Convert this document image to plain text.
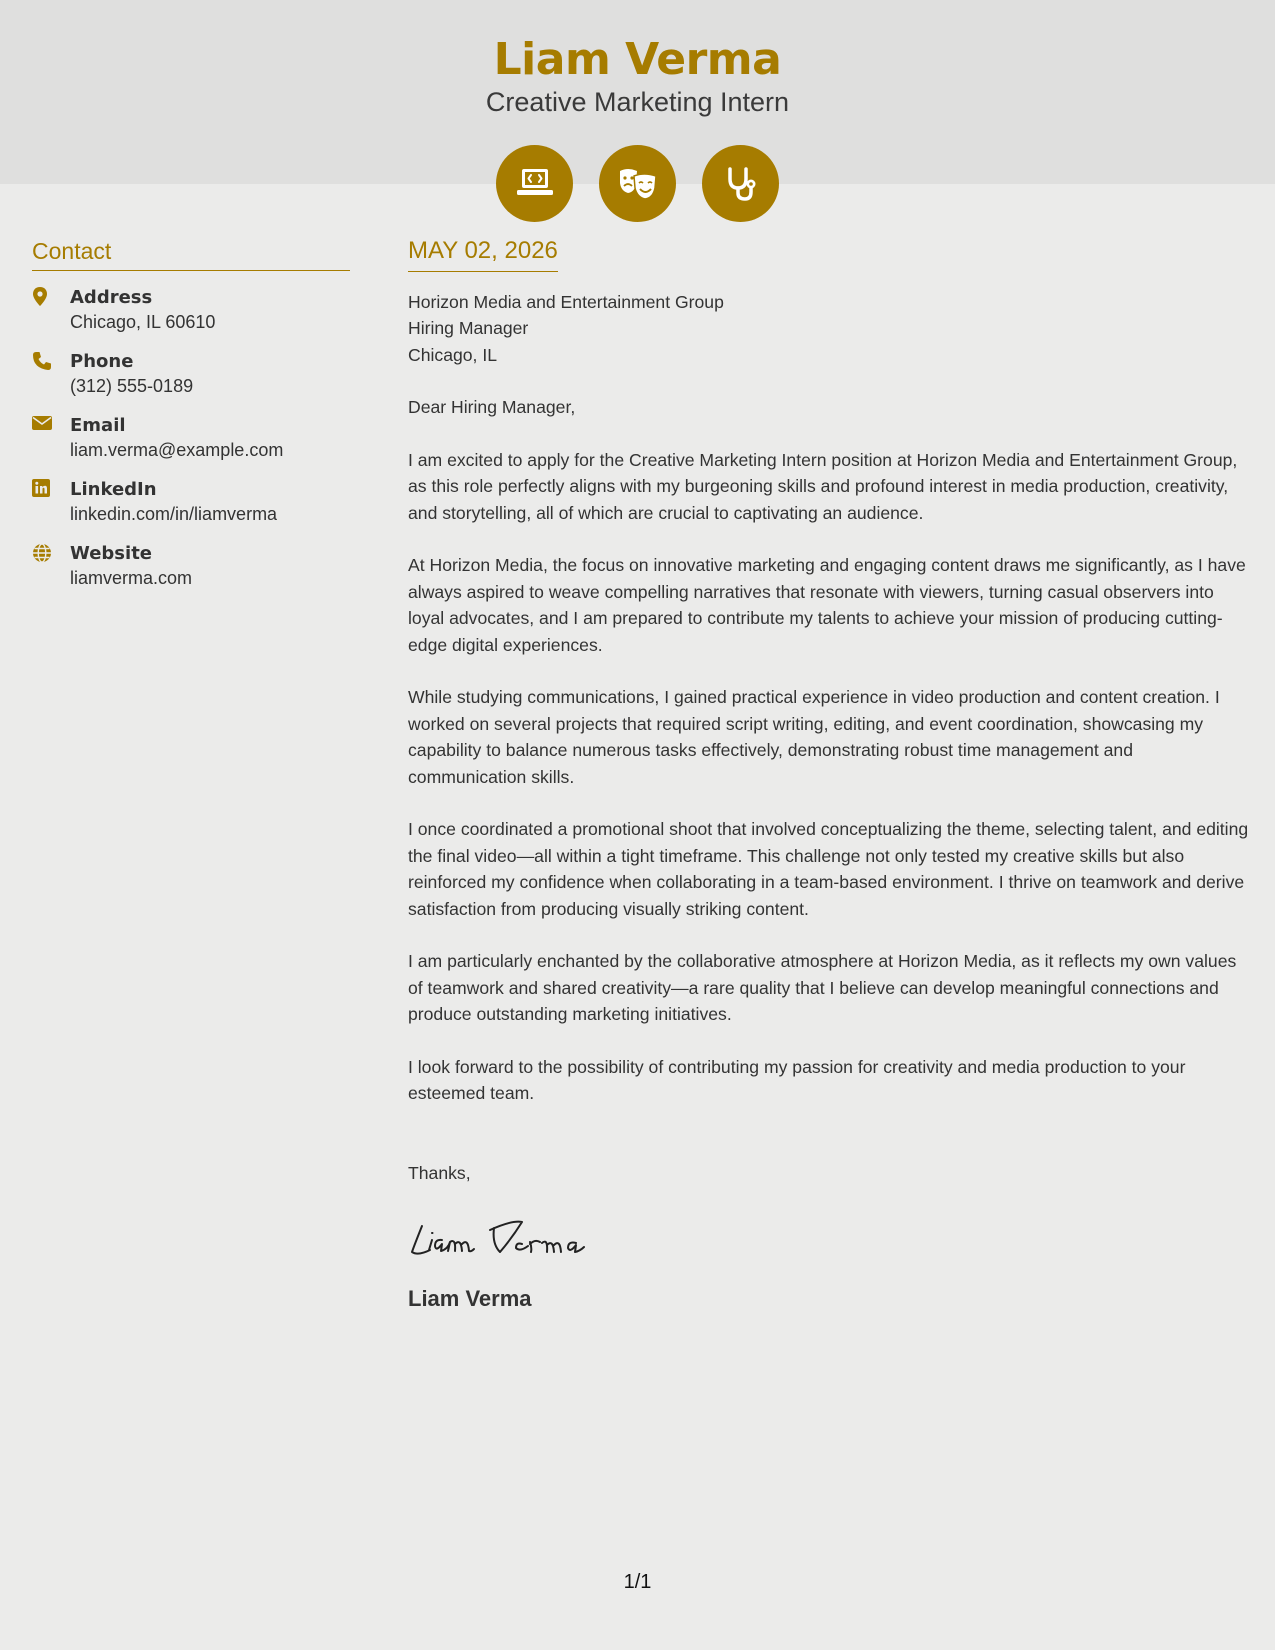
Liam Verma
Creative Marketing Intern
Contact
Address
Chicago, IL 60610
Phone
(312) 555-0189
Email
liam.verma@example.com
LinkedIn
linkedin.com/in/liamverma
Website
liamverma.com
MAY 02, 2026
Horizon Media and Entertainment Group
Hiring Manager
Chicago, IL

Dear Hiring Manager,

I am excited to apply for the Creative Marketing Intern position at Horizon Media and Entertainment Group, as this role perfectly aligns with my burgeoning skills and profound interest in media production, creativity, and storytelling, all of which are crucial to captivating an audience.

At Horizon Media, the focus on innovative marketing and engaging content draws me significantly, as I have always aspired to weave compelling narratives that resonate with viewers, turning casual observers into loyal advocates, and I am prepared to contribute my talents to achieve your mission of producing cutting-edge digital experiences.

While studying communications, I gained practical experience in video production and content creation. I worked on several projects that required script writing, editing, and event coordination, showcasing my capability to balance numerous tasks effectively, demonstrating robust time management and communication skills.

I once coordinated a promotional shoot that involved conceptualizing the theme, selecting talent, and editing the final video—all within a tight timeframe. This challenge not only tested my creative skills but also reinforced my confidence when collaborating in a team-based environment. I thrive on teamwork and derive satisfaction from producing visually striking content.

I am particularly enchanted by the collaborative atmosphere at Horizon Media, as it reflects my own values of teamwork and shared creativity—a rare quality that I believe can develop meaningful connections and produce outstanding marketing initiatives.

I look forward to the possibility of contributing my passion for creativity and media production to your esteemed team.

Thanks,
Liam Verma
1/1
